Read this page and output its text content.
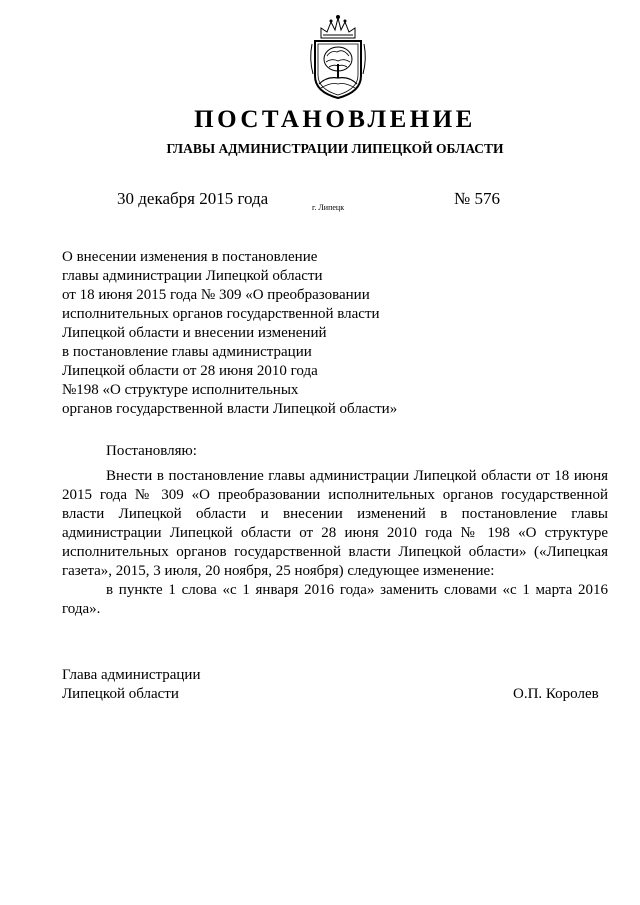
ПОСТАНОВЛЕНИЕ
ГЛАВЫ АДМИНИСТРАЦИИ ЛИПЕЦКОЙ ОБЛАСТИ
30 декабря 2015 года	г. Липецк	№ 576
О внесении изменения в постановление
главы администрации Липецкой области
от 18 июня 2015 года № 309 «О преобразовании
исполнительных органов государственной власти
Липецкой области и внесении изменений
в постановление главы администрации
Липецкой области от 28 июня 2010 года
№198 «О структуре исполнительных
органов государственной власти Липецкой области»
Постановляю:

Внести в постановление главы администрации Липецкой области от 18 июня 2015 года № 309 «О преобразовании исполнительных органов государственной власти Липецкой области и внесении изменений в постановление главы администрации Липецкой области от 28 июня 2010 года № 198 «О структуре исполнительных органов государственной власти Липецкой области» («Липецкая газета», 2015, 3 июля, 20 ноября, 25 ноября) следующее изменение:

в пункте 1 слова «с 1 января 2016 года» заменить словами «с 1 марта 2016 года».

Глава администрации
Липецкой области	О.П. Королев
